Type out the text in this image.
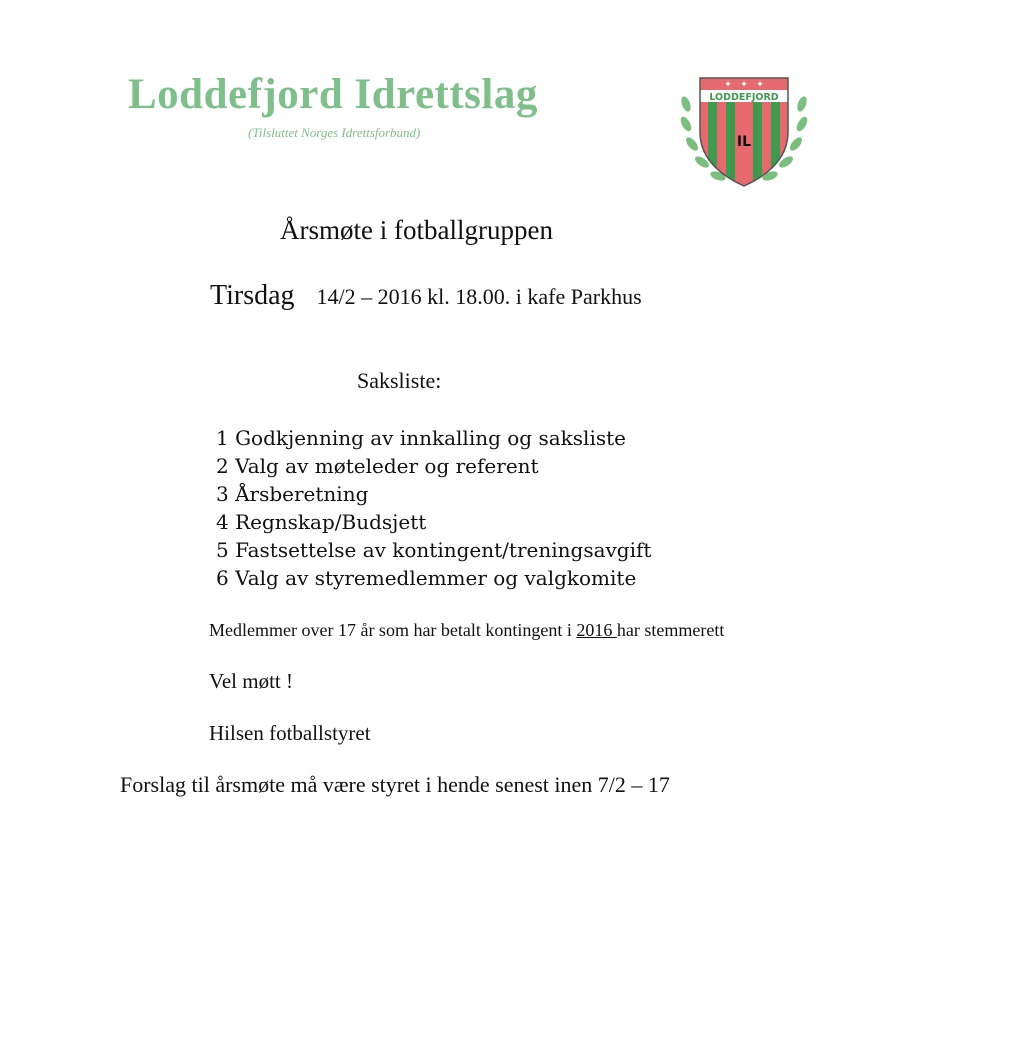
Loddefjord Idrettslag
(Tilsluttet Norges Idrettsforbund)
✦ ✦ ✦
LODDEFJORD
IL
Årsmøte i fotballgruppen
Tirsdag 14/2 – 2016 kl. 18.00. i kafe Parkhus
Saksliste:
1 Godkjenning av innkalling og saksliste
2 Valg av møteleder og referent
3 Årsberetning
4 Regnskap/Budsjett
5 Fastsettelse av kontingent/treningsavgift
6 Valg av styremedlemmer og valgkomite
Medlemmer over 17 år som har betalt kontingent i 2016 har stemmerett
Vel møtt !
Hilsen fotballstyret
Forslag til årsmøte må være styret i hende senest inen 7/2 – 17
